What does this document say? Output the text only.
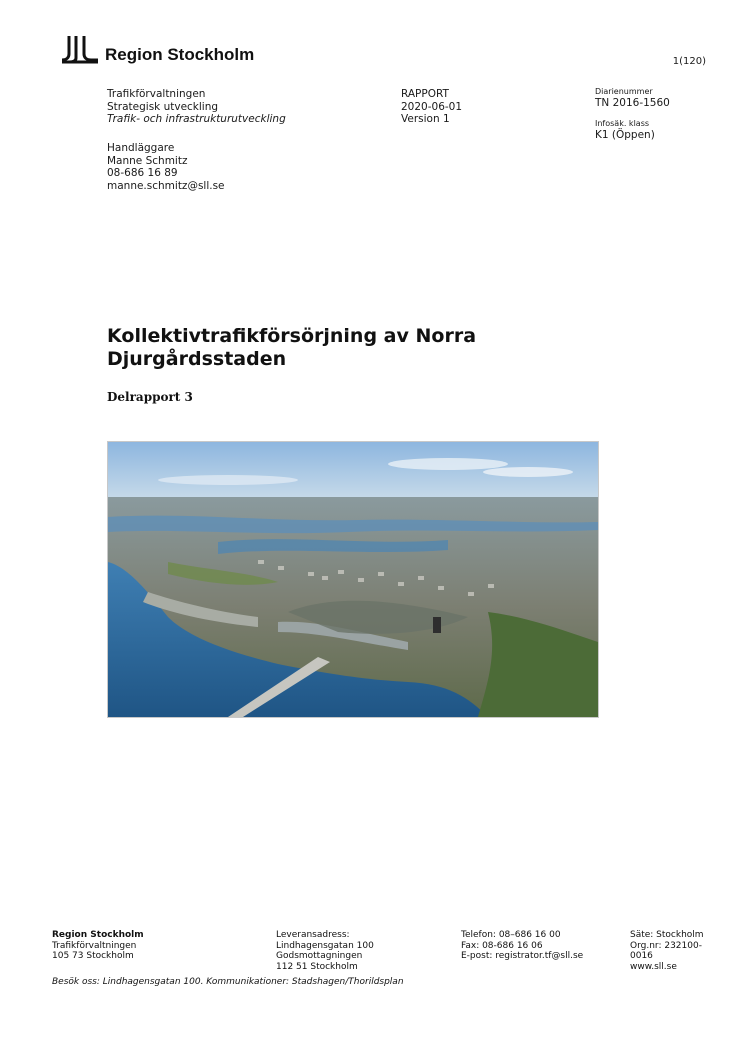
Region Stockholm	1(120)
Trafikförvaltningen
Strategisk utveckling
Trafik- och infrastrukturutveckling
Handläggare
Manne Schmitz
08-686 16 89
manne.schmitz@sll.se
RAPPORT
2020-06-01
Version 1
Diarienummer
TN 2016-1560
Infosäk. klass
K1 (Öppen)
Kollektivtrafikförsörjning av Norra
Djurgårdsstaden
Delrapport 3
Region Stockholm
Trafikförvaltningen
105 73 Stockholm
Leveransadress:
Lindhagensgatan 100
Godsmottagningen
112 51 Stockholm
Telefon: 08–686 16 00
Fax: 08-686 16 06
E-post: registrator.tf@sll.se
Säte: Stockholm
Org.nr: 232100-
0016
www.sll.se
Besök oss: Lindhagensgatan 100. Kommunikationer: Stadshagen/Thorildsplan
